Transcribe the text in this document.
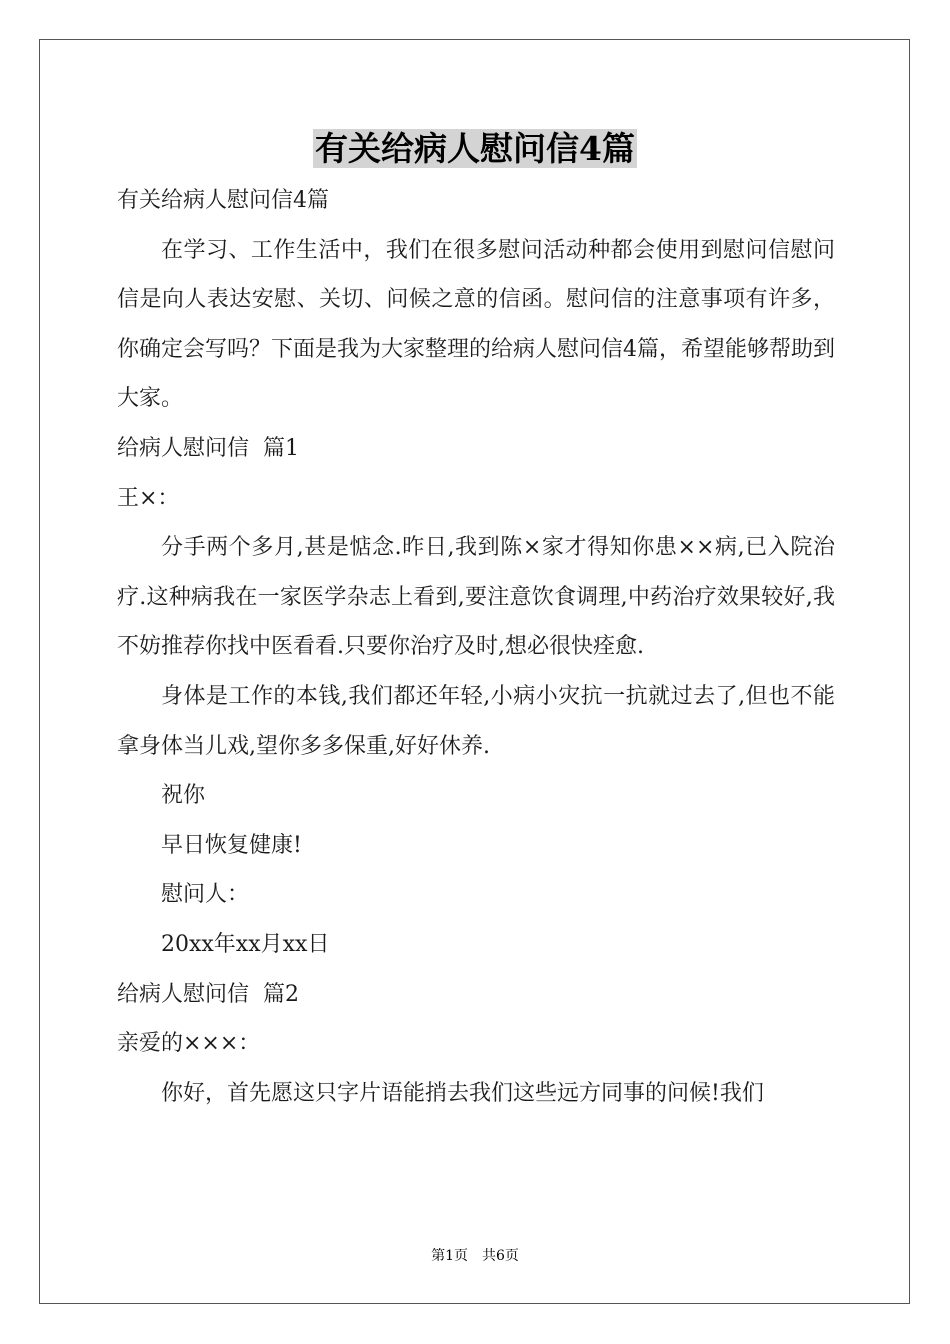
有关给病人慰问信4篇

有关给病人慰问信4篇

在学习、工作生活中，我们在很多慰问活动种都会使用到慰问信慰问信是向人表达安慰、关切、问候之意的信函。慰问信的注意事项有许多，你确定会写吗？下面是我为大家整理的给病人慰问信4篇，希望能够帮助到大家。

给病人慰问信  篇1

王×：

分手两个多月,甚是惦念.昨日,我到陈×家才得知你患××病,已入院治疗.这种病我在一家医学杂志上看到,要注意饮食调理,中药治疗效果较好,我不妨推荐你找中医看看.只要你治疗及时,想必很快痊愈.

身体是工作的本钱,我们都还年轻,小病小灾抗一抗就过去了,但也不能拿身体当儿戏,望你多多保重,好好休养.

祝你

早日恢复健康!

慰问人：

20xx年xx月xx日

给病人慰问信  篇2

亲爱的×××：

你好，首先愿这只字片语能捎去我们这些远方同事的问候!我们

第1页　共6页
